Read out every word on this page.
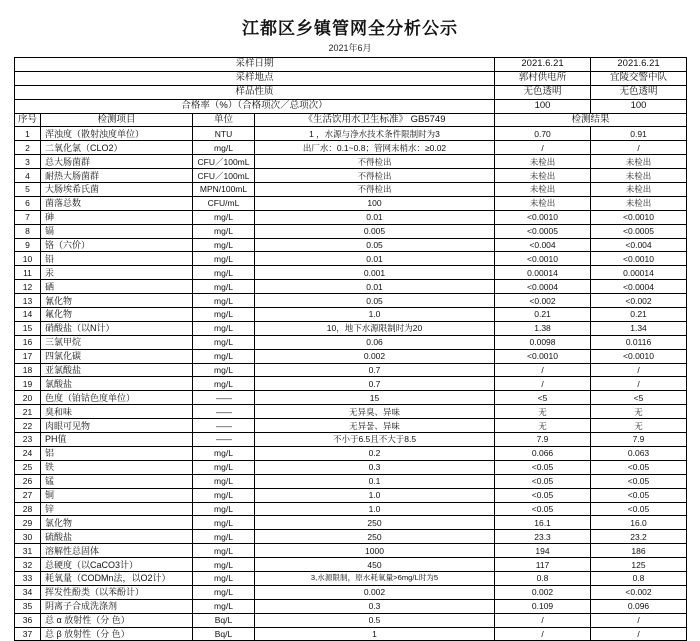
江都区乡镇管网全分析公示
2021年6月
采样日期				2021.6.21	2021.6.21
采样地点				郭村供电所	宜陵交警中队
样品性质				无色透明	无色透明
合格率（%）（合格项次／总项次）				100	100
序号	检测项目	单位	《生活饮用水卫生标准》 GB5749	检测结果	
1	浑浊度（散射浊度单位）	NTU	1 ，水源与净水技术条件限制时为3	0.70	0.91
2	二氧化氯（CLO2）	mg/L	出厂水：0.1~0.8；管网末梢水：≥0.02	/	/
3	总大肠菌群	CFU／100mL	不得检出	未检出	未检出
4	耐热大肠菌群	CFU／100mL	不得检出	未检出	未检出
5	大肠埃希氏菌	MPN/100mL	不得检出	未检出	未检出
6	菌落总数	CFU/mL	100	未检出	未检出
7	砷	mg/L	0.01	<0.0010	<0.0010
8	镉	mg/L	0.005	<0.0005	<0.0005
9	铬（六价）	mg/L	0.05	<0.004	<0.004
10	铅	mg/L	0.01	<0.0010	<0.0010
11	汞	mg/L	0.001	0.00014	0.00014
12	硒	mg/L	0.01	<0.0004	<0.0004
13	氰化物	mg/L	0.05	<0.002	<0.002
14	氟化物	mg/L	1.0	0.21	0.21
15	硝酸盐（以N计）	mg/L	10，地下水源限制时为20	1.38	1.34
16	三氯甲烷	mg/L	0.06	0.0098	0.0116
17	四氯化碳	mg/L	0.002	<0.0010	<0.0010
18	亚氯酸盐	mg/L	0.7	/	/
19	氯酸盐	mg/L	0.7	/	/
20	色度（铂钴色度单位）	——	15	<5	<5
21	臭和味	——	无异臭、异味	无	无
22	肉眼可见物	——	无异물、异味	无	无
23	PH值	——	不小于6.5且不大于8.5	7.9	7.9
24	铝	mg/L	0.2	0.066	0.063
25	铁	mg/L	0.3	<0.05	<0.05
26	锰	mg/L	0.1	<0.05	<0.05
27	铜	mg/L	1.0	<0.05	<0.05
28	锌	mg/L	1.0	<0.05	<0.05
29	氯化物	mg/L	250	16.1	16.0
30	硫酸盐	mg/L	250	23.3	23.2
31	溶解性总固体	mg/L	1000	194	186
32	总硬度（以CaCO3计）	mg/L	450	117	125
33	耗氧量（CODMn法，以O2计）	mg/L	3,水源限制，原水耗氧量>6mg/L时为5	0.8	0.8
34	挥发性酚类（以苯酚计）	mg/L	0.002	0.002	<0.002
35	阴离子合成洗涤剂	mg/L	0.3	0.109	0.096
36	总 α 放射性（分 色）	Bq/L	0.5	/	/
37	总 β 放射性（分 色）	Bq/L	1	/	/
